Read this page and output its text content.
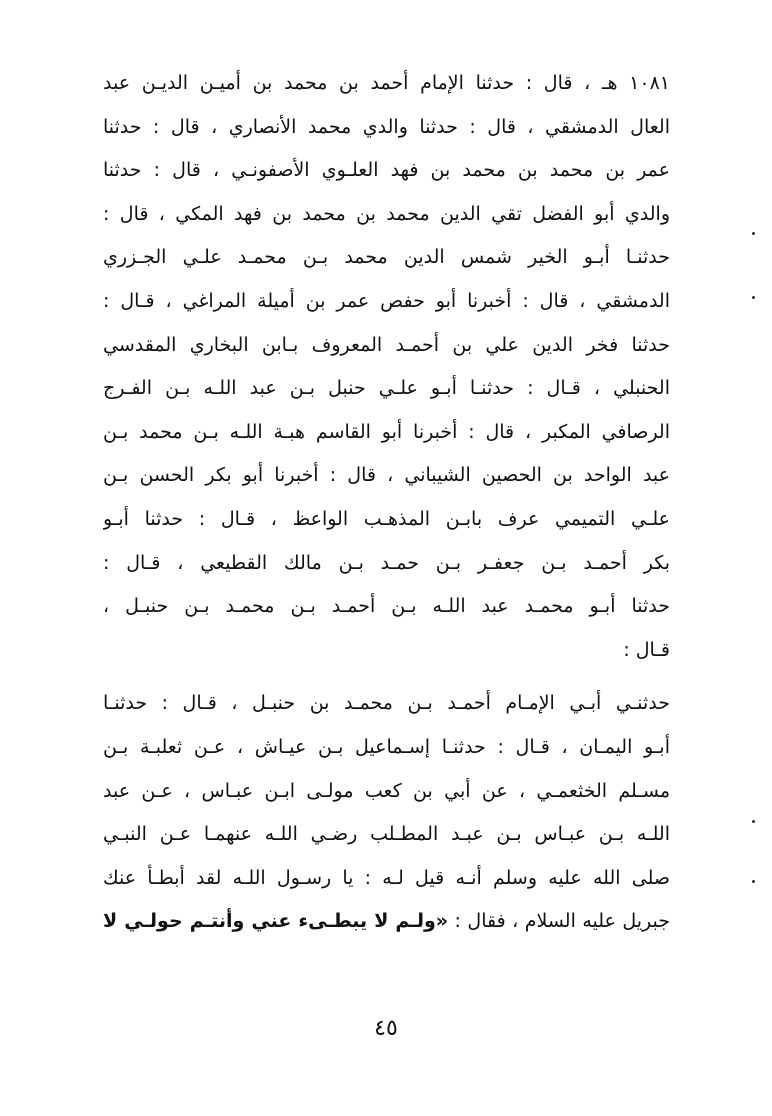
١٠٨١ هـ ، قال : حدثنا الإمام أحمد بن محمد بن أميـن الديـن عبد
العال الدمشقي ، قال : حدثنا والدي محمد الأنصاري ، قال : حدثنا
عمر بن محمد بن محمد بن فهد العلـوي الأصفونـي ، قال : حدثنا
والدي أبو الفضل تقي الدين محمد بن محمد بن فهد المكي ، قال :
حدثنـا أبـو الخير شمس الدين محمد بـن محمـد علـي الجـزري
الدمشقي ، قال : أخبرنا أبو حفص عمر بن أميلة المراغي ، قـال :
حدثنا فخر الدين علي بن أحمـد المعروف بـابن البخاري المقدسي
الحنبلي ، قـال : حدثنـا أبـو علـي حنبل بـن عبد اللـه بـن الفـرج
الرصافي المكبر ، قال : أخبرنا أبو القاسم هبـة اللـه بـن محمد بـن
عبد الواحد بن الحصين الشيباني ، قال : أخبرنا أبو بكر الحسن بـن
علـي التميمي عرف بابـن المذهـب الواعظ ، قـال : حدثنا أبـو
بكر أحمـد بـن جعفـر بـن حمـد بـن مالك القطيعي ، قـال :
حدثنا أبـو محمـد عبد اللـه بـن أحمـد بـن محمـد بـن حنبـل ،
قـال :
حدثنـي أبـي الإمـام أحمـد بـن محمـد بن حنبـل ، قـال : حدثنـا
أبـو اليمـان ، قـال : حدثنـا إسـماعيل بـن عيـاش ، عـن ثعلبـة بـن
مسـلم الخثعمـي ، عن أبي بن كعب مولـى ابـن عبـاس ، عـن عبد
اللـه بـن عبـاس بـن عبـد المطـلب رضـي اللـه عنهمـا عـن النبـي
صلى الله عليه وسلم أنـه قيل لـه : يا رسـول اللـه لقد أبطـأ عنك
جبريل عليه السلام ، فقال : «ولـم لا يبطـىء عني وأنتـم حولـي لا
٤٥
